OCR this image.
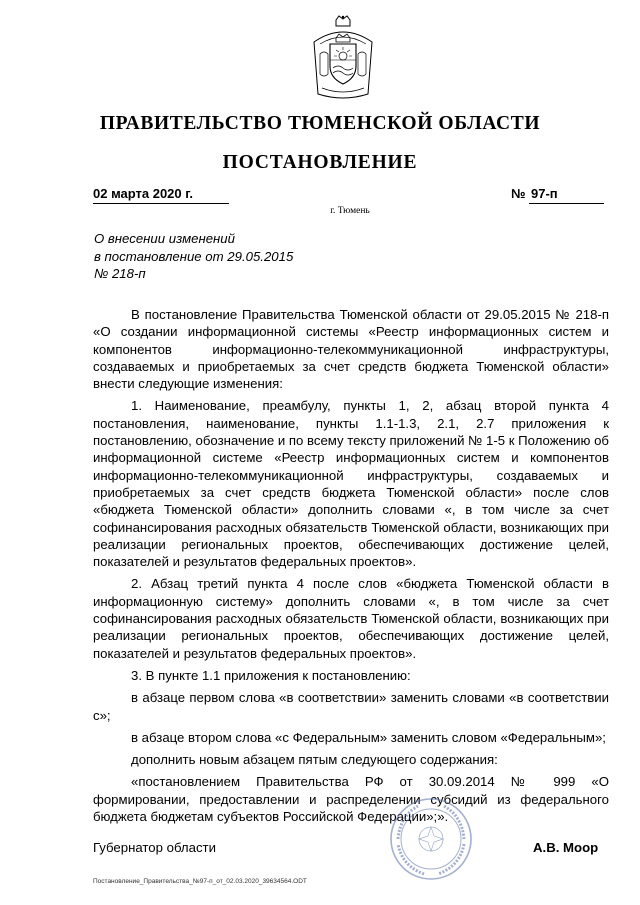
ПРАВИТЕЛЬСТВО ТЮМЕНСКОЙ ОБЛАСТИ
ПОСТАНОВЛЕНИЕ
02 марта 2020 г.	№ 97-п
г. Тюмень
О внесении изменений
в постановление от 29.05.2015
№ 218-п

В постановление Правительства Тюменской области от 29.05.2015 № 218-п «О создании информационной системы «Реестр информационных систем и компонентов информационно-телекоммуникационной инфраструктуры, создаваемых и приобретаемых за счет средств бюджета Тюменской области» внести следующие изменения:

1. Наименование, преамбулу, пункты 1, 2, абзац второй пункта 4 постановления, наименование, пункты 1.1-1.3, 2.1, 2.7 приложения к постановлению, обозначение и по всему тексту приложений № 1-5 к Положению об информационной системе «Реестр информационных систем и компонентов информационно-телекоммуникационной инфраструктуры, создаваемых и приобретаемых за счет средств бюджета Тюменской области» после слов «бюджета Тюменской области» дополнить словами «, в том числе за счет софинансирования расходных обязательств Тюменской области, возникающих при реализации региональных проектов, обеспечивающих достижение целей, показателей и результатов федеральных проектов».

2. Абзац третий пункта 4 после слов «бюджета Тюменской области в информационную систему» дополнить словами «, в том числе за счет софинансирования расходных обязательств Тюменской области, возникающих при реализации региональных проектов, обеспечивающих достижение целей, показателей и результатов федеральных проектов».

3. В пункте 1.1 приложения к постановлению:

в абзаце первом слова «в соответствии» заменить словами «в соответствии с»;

в абзаце втором слова «с Федеральным» заменить словом «Федеральным»;

дополнить новым абзацем пятым следующего содержания:

«постановлением Правительства РФ от 30.09.2014 № 999 «О формировании, предоставлении и распределении субсидий из федерального бюджета бюджетам субъектов Российской Федерации»;».

Губернатор области	А.В. Моор
Постановление_Правительства_№97-п_от_02.03.2020_39634564.ODT
